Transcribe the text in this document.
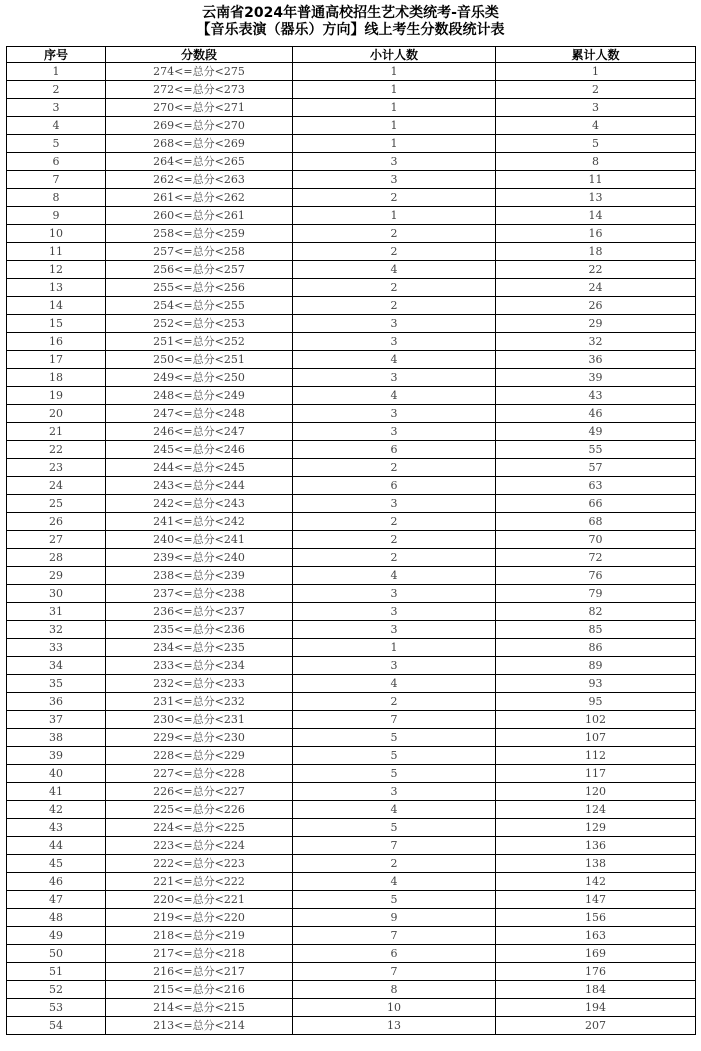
云南省2024年普通高校招生艺术类统考-音乐类
【音乐表演（器乐）方向】线上考生分数段统计表
序号	分数段	小计人数	累计人数
1	274<=总分<275	1	1
2	272<=总分<273	1	2
3	270<=总分<271	1	3
4	269<=总分<270	1	4
5	268<=总分<269	1	5
6	264<=总分<265	3	8
7	262<=总分<263	3	11
8	261<=总分<262	2	13
9	260<=总分<261	1	14
10	258<=总分<259	2	16
11	257<=总分<258	2	18
12	256<=总分<257	4	22
13	255<=总分<256	2	24
14	254<=总分<255	2	26
15	252<=总分<253	3	29
16	251<=总分<252	3	32
17	250<=总分<251	4	36
18	249<=总分<250	3	39
19	248<=总分<249	4	43
20	247<=总分<248	3	46
21	246<=总分<247	3	49
22	245<=总分<246	6	55
23	244<=总分<245	2	57
24	243<=总分<244	6	63
25	242<=总分<243	3	66
26	241<=总分<242	2	68
27	240<=总分<241	2	70
28	239<=总分<240	2	72
29	238<=总分<239	4	76
30	237<=总分<238	3	79
31	236<=总分<237	3	82
32	235<=总分<236	3	85
33	234<=总分<235	1	86
34	233<=总分<234	3	89
35	232<=总分<233	4	93
36	231<=总分<232	2	95
37	230<=总分<231	7	102
38	229<=总分<230	5	107
39	228<=总分<229	5	112
40	227<=总分<228	5	117
41	226<=总分<227	3	120
42	225<=总分<226	4	124
43	224<=总分<225	5	129
44	223<=总分<224	7	136
45	222<=总分<223	2	138
46	221<=总分<222	4	142
47	220<=总分<221	5	147
48	219<=总分<220	9	156
49	218<=总分<219	7	163
50	217<=总分<218	6	169
51	216<=总分<217	7	176
52	215<=总分<216	8	184
53	214<=总分<215	10	194
54	213<=总分<214	13	207
